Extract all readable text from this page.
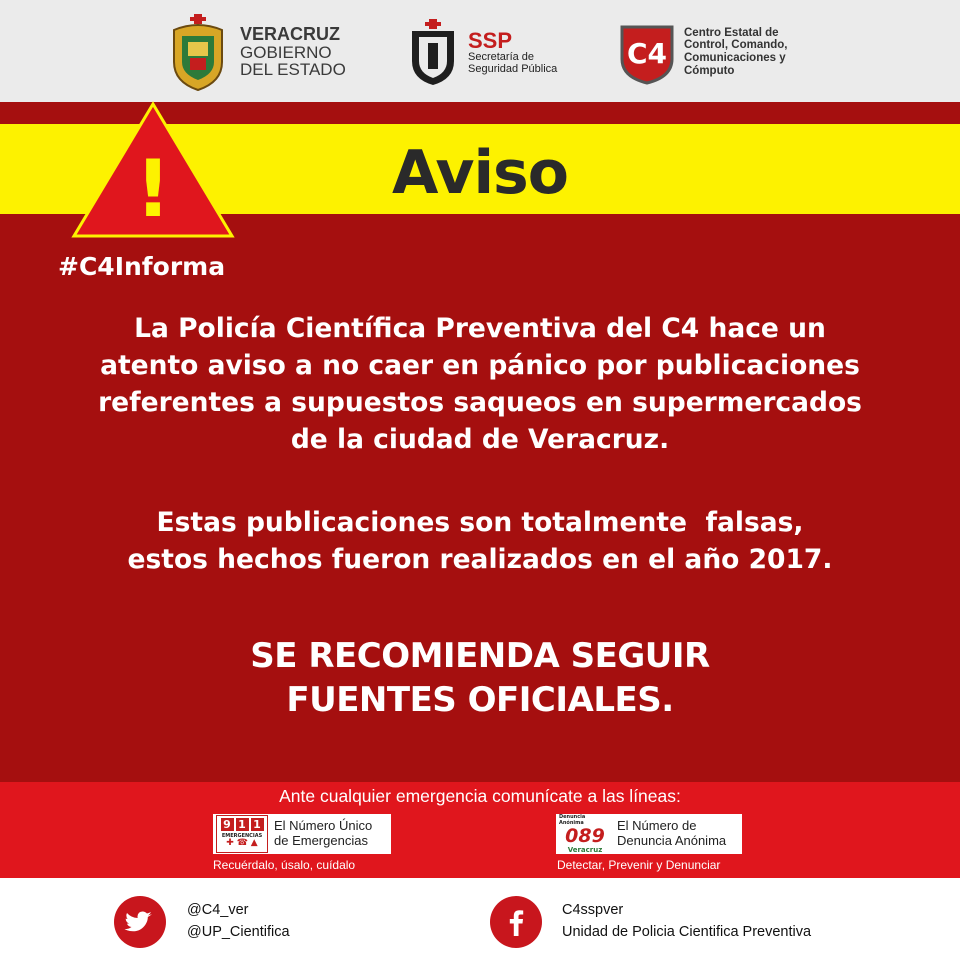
VERACRUZ
GOBIERNO
DEL ESTADO
SSP
Secretaría de
Seguridad Pública C4
Centro Estatal de
Control, Comando,
Comunicaciones y
Cómputo
!	Aviso
#C4Informa
La Policía Científica Preventiva del C4 hace un
atento aviso a no caer en pánico por publicaciones
referentes a supuestos saqueos en supermercados
de la ciudad de Veracruz.
Estas publicaciones son totalmente  falsas,
estos hechos fueron realizados en el año 2017.
SE RECOMIENDA SEGUIR
FUENTES OFICIALES.
Ante cualquier emergencia comunícate a las líneas:
9 1 1
EMERGENCIAS
✚ ☎ ▲
El Número Único
de Emergencias
Recuérdalo, úsalo, cuídalo
Denuncia Anónima
089
Veracruz
El Número de
Denuncia Anónima
Detectar, Prevenir y Denunciar
@C4_ver
@UP_Cientifica
C4sspver
Unidad de Policia Cientifica Preventiva
